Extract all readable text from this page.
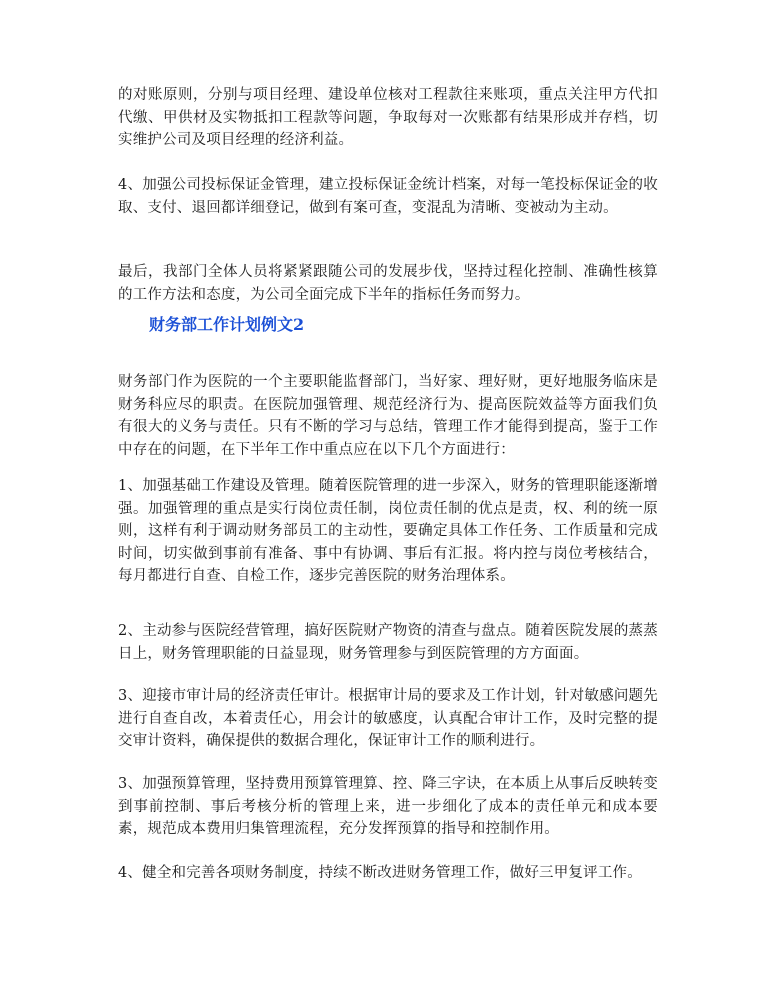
的对账原则，分别与项目经理、建设单位核对工程款往来账项，重点关注甲方代扣代缴、甲供材及实物抵扣工程款等问题，争取每对一次账都有结果形成并存档，切实维护公司及项目经理的经济利益。

4、加强公司投标保证金管理，建立投标保证金统计档案，对每一笔投标保证金的收取、支付、退回都详细登记，做到有案可查，变混乱为清晰、变被动为主动。

最后，我部门全体人员将紧紧跟随公司的发展步伐，坚持过程化控制、准确性核算的工作方法和态度，为公司全面完成下半年的指标任务而努力。

财务部工作计划例文2

财务部门作为医院的一个主要职能监督部门，当好家、理好财，更好地服务临床是财务科应尽的职责。在医院加强管理、规范经济行为、提高医院效益等方面我们负有很大的义务与责任。只有不断的学习与总结，管理工作才能得到提高，鉴于工作中存在的问题，在下半年工作中重点应在以下几个方面进行：

1、加强基础工作建设及管理。随着医院管理的进一步深入，财务的管理职能逐渐增强。加强管理的重点是实行岗位责任制，岗位责任制的优点是责，权、利的统一原则，这样有利于调动财务部员工的主动性，要确定具体工作任务、工作质量和完成时间，切实做到事前有准备、事中有协调、事后有汇报。将内控与岗位考核结合，每月都进行自查、自检工作，逐步完善医院的财务治理体系。

2、主动参与医院经营管理，搞好医院财产物资的清查与盘点。随着医院发展的蒸蒸日上，财务管理职能的日益显现，财务管理参与到医院管理的方方面面。

3、迎接市审计局的经济责任审计。根据审计局的要求及工作计划，针对敏感问题先进行自查自改，本着责任心，用会计的敏感度，认真配合审计工作，及时完整的提交审计资料，确保提供的数据合理化，保证审计工作的顺利进行。

3、加强预算管理，坚持费用预算管理算、控、降三字诀，在本质上从事后反映转变到事前控制、事后考核分析的管理上来，进一步细化了成本的责任单元和成本要素，规范成本费用归集管理流程，充分发挥预算的指导和控制作用。

4、健全和完善各项财务制度，持续不断改进财务管理工作，做好三甲复评工作。
